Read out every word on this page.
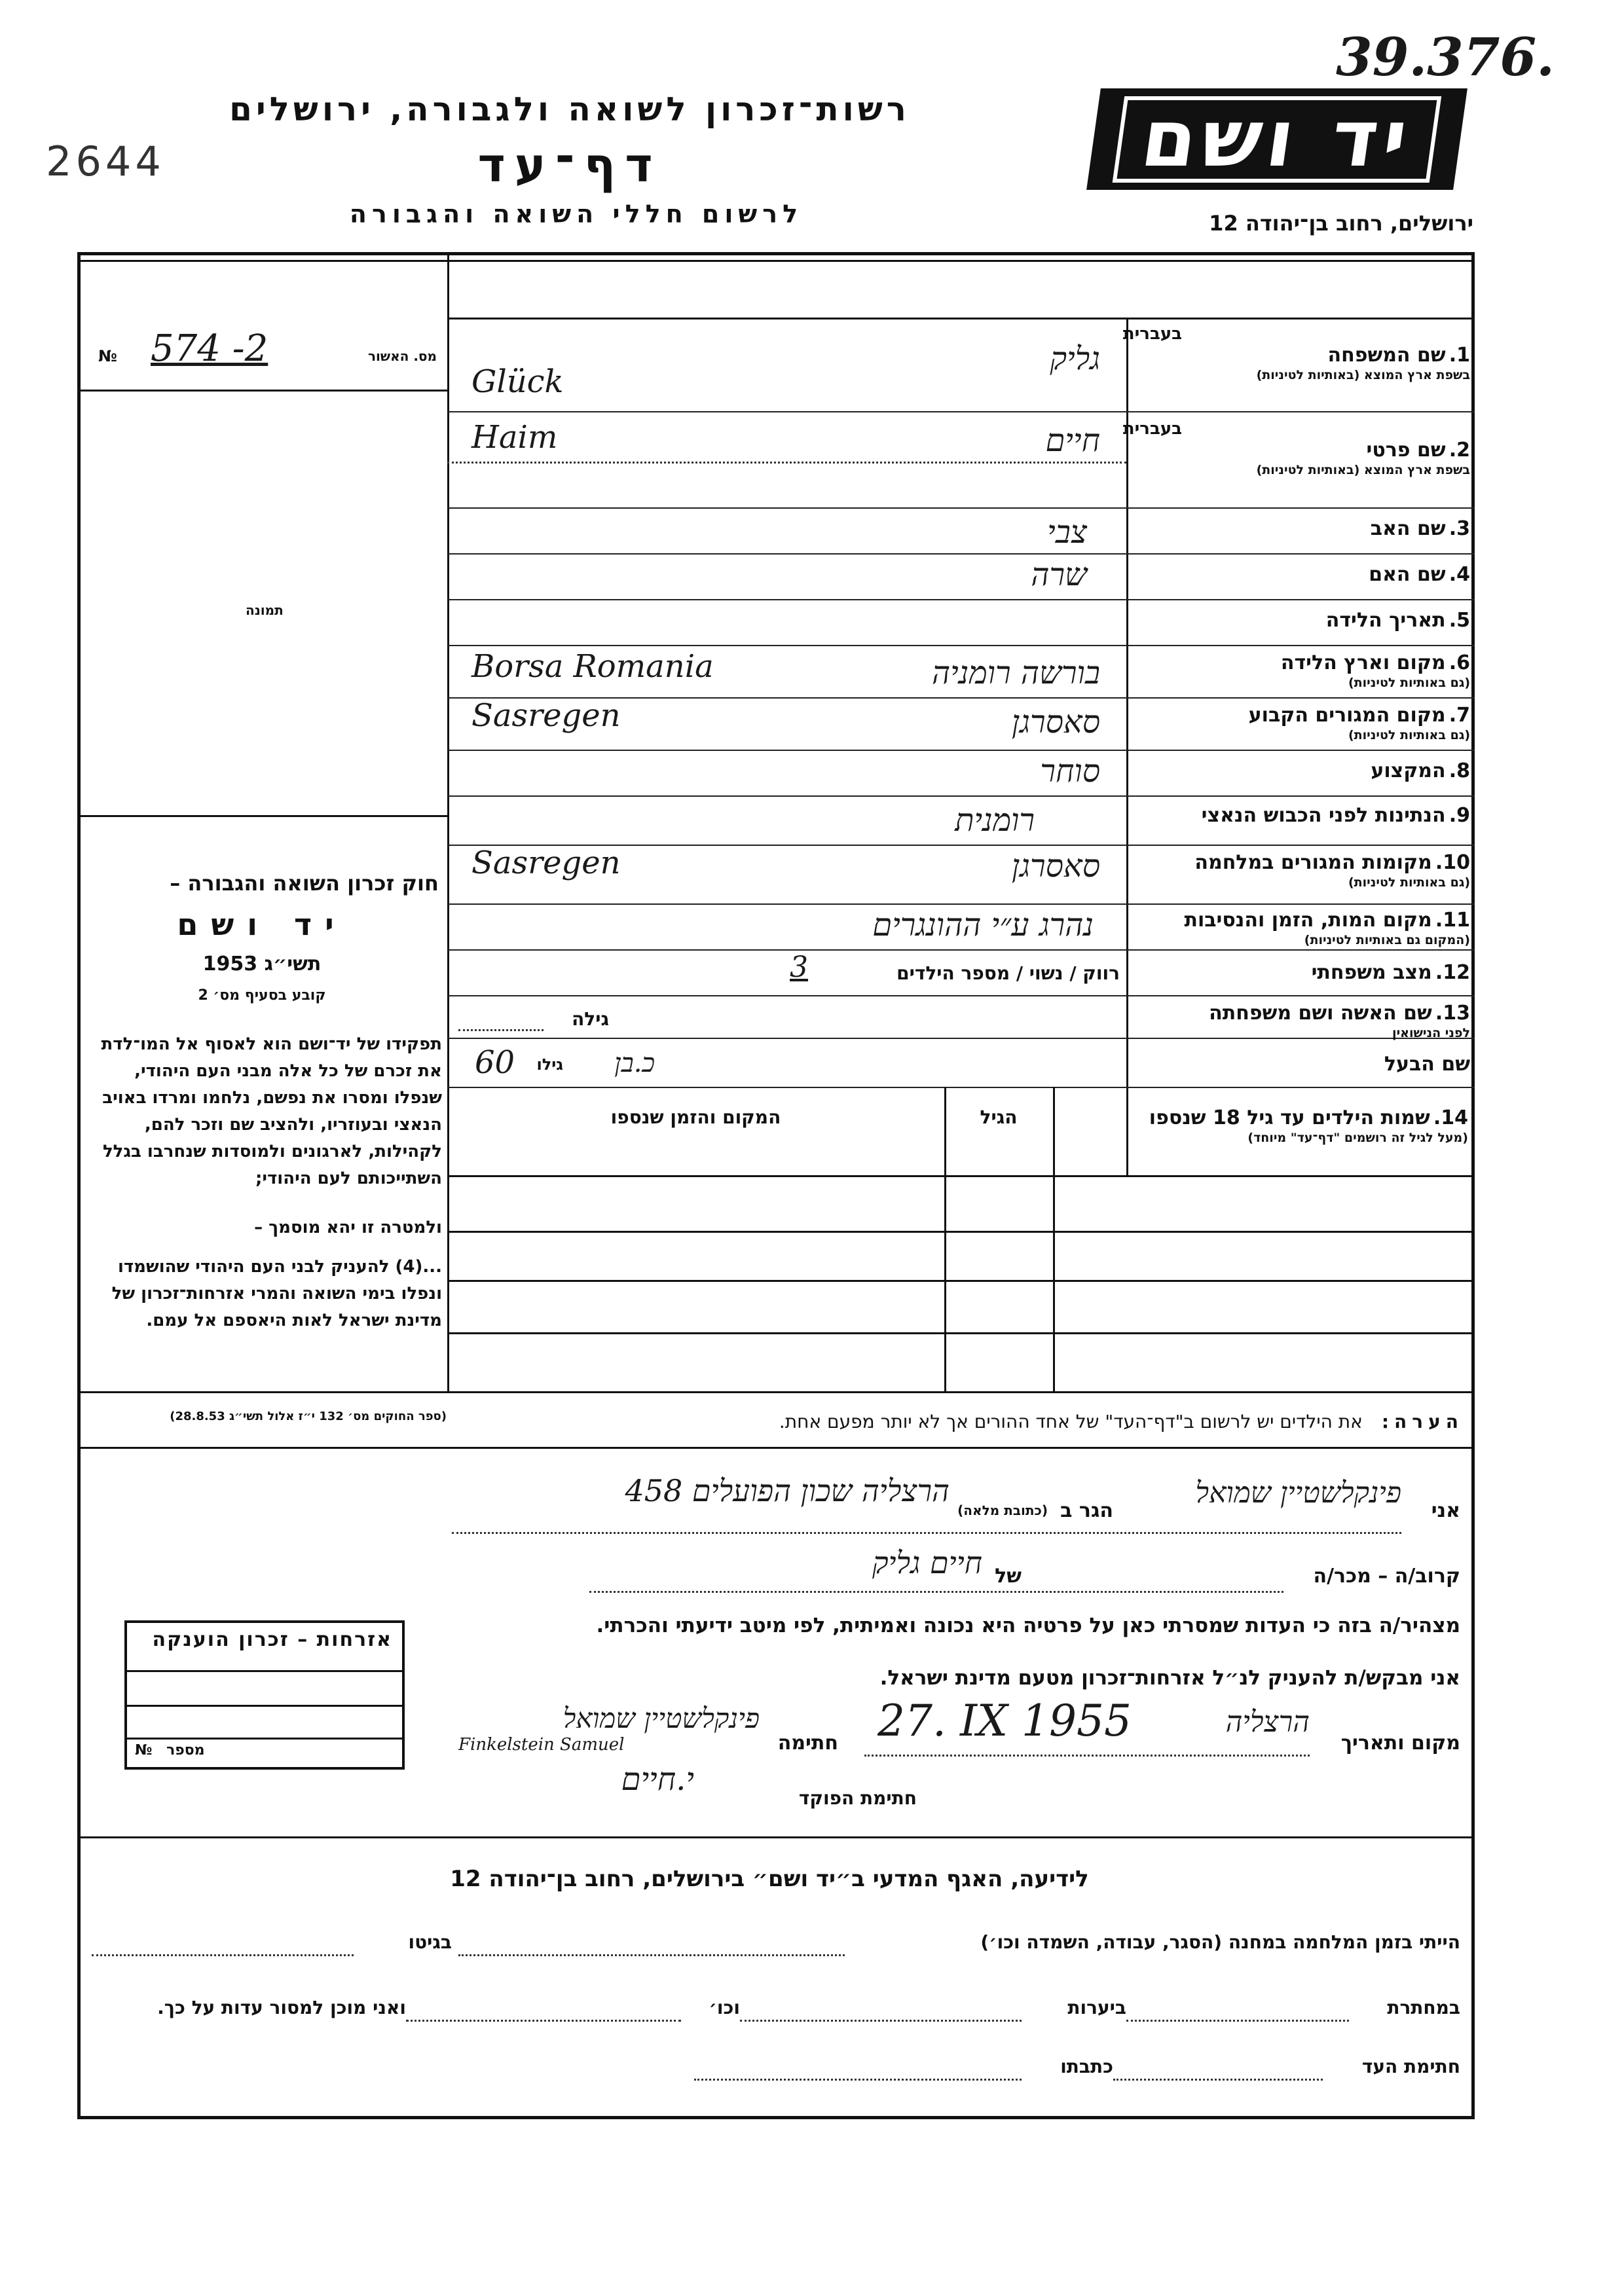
39.376.
2644
רשות־זכרון לשואה ולגבורה, ירושלים
דף־עד
לרשום חללי השואה והגבורה
יד ושם
ירושלים, רחוב בן־יהודה 12
מס. האשור
574 -2
№
תמונה
חוק זכרון השואה והגבורה –
יד ושם
תשי״ג 1953
קובע בסעיף מס׳ 2
תפקידו של יד־ושם הוא לאסוף אל המו־לדת את זכרם של כל אלה מבני העם היהודי, שנפלו ומסרו את נפשם, נלחמו ומרדו באויב הנאצי ובעוזריו, ולהציב שם וזכר להם, לקהילות, לארגונים ולמוסדות שנחרבו בגלל השתייכותם לעם היהודי;
ולמטרה זו יהא מוסמך –
...(4) להעניק לבני העם היהודי שהושמדו ונפלו בימי השואה והמרי אזרחות־זכרון של מדינת ישראל לאות היאספם אל עמם.
(ספר החוקים מס׳ 132 י״ז אלול תשי״ג 28.8.53)
בעברית
1. שם המשפחה
בשפת ארץ המוצא (באותיות לטיניות)
גליק
Glück
בעברית
2. שם פרטי
בשפת ארץ המוצא (באותיות לטיניות)
חיים
Haim
3. שם האב
צבי
4. שם האם
שרה
5. תאריך הלידה
6. מקום וארץ הלידה
(גם באותיות לטיניות)
בורשה רומניה
Borsa Romania
7. מקום המגורים הקבוע
(גם באותיות לטיניות)
סאסרגן
Sasregen
8. המקצוע
סוחר
9. הנתינות לפני הכבוש הנאצי
רומנית
10. מקומות המגורים במלחמה
(גם באותיות לטיניות)
סאסרגן
Sasregen
11. מקום המות, הזמן והנסיבות
(המקום גם באותיות לטיניות)
נהרג ע״י ההונגרים
12. מצב משפחתי
רווק / נשוי / מספר הילדים
3
13. שם האשה ושם משפחתה
לפני הנישואין
גילה
שם הבעל
כ.בן
גילו
60
14. שמות הילדים עד גיל 18 שנספו
(מעל לגיל זה רושמים "דף־עד" מיוחד)
הגיל
המקום והזמן שנספו
הערה: את הילדים יש לרשום ב"דף־העד" של אחד ההורים אך לא יותר מפעם אחת.
אני
פינקלשטיין שמואל
הגר ב
(כתובת מלאה)
הרצליה שכון הפועלים 458
קרוב/ה – מכר/ה
חיים גליק של
מצהיר/ה בזה כי העדות שמסרתי כאן על פרטיה היא נכונה ואמיתית, לפי מיטב ידיעתי והכרתי.
אני מבקש/ת להעניק לנ״ל אזרחות־זכרון מטעם מדינת ישראל.
מקום ותאריך
הרצליה
27. IX 1955
חתימה
פינקלשטיין שמואל
Finkelstein Samuel
חתימת הפוקד
י.חיים
אזרחות – זכרון הוענקה
№ מספר
לידיעה, האגף המדעי ב״יד ושם״ בירושלים, רחוב בן־יהודה 12
הייתי בזמן המלחמה במחנה (הסגר, עבודה, השמדה וכו׳)
בגיטו
במחתרת
ביערות
וכו׳
ואני מוכן למסור עדות על כך.
חתימת העד
כתבתו
